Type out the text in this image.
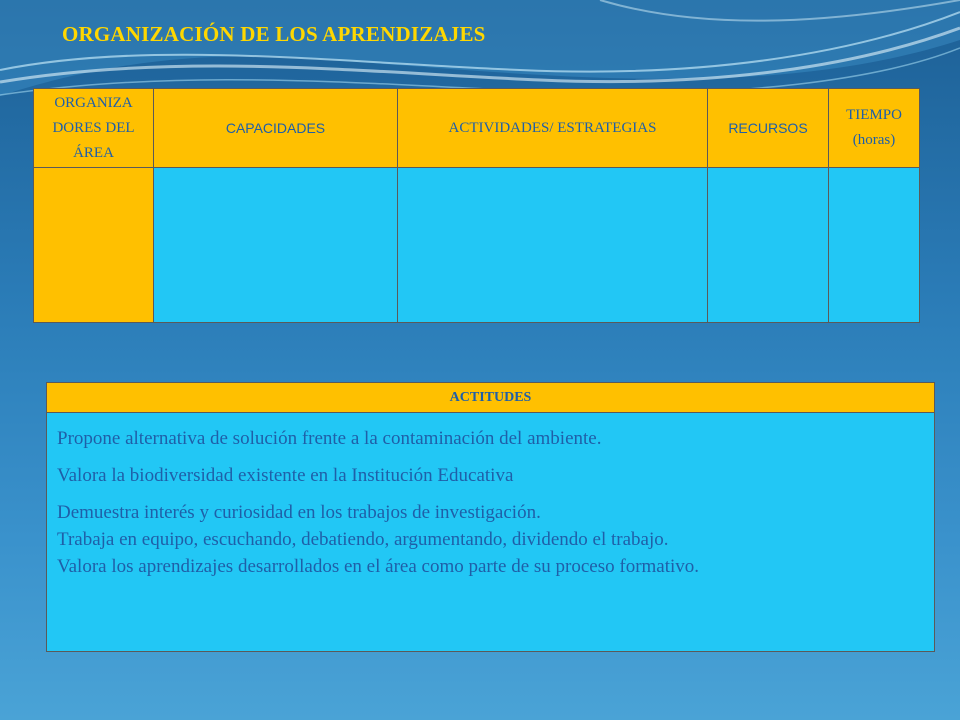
ORGANIZACIÓN DE LOS APRENDIZAJES
ORGANIZA DORES DEL ÁREA	CAPACIDADES	ACTIVIDADES/ ESTRATEGIAS	RECURSOS	TIEMPO (horas)

ACTITUDES

Propone alternativa de solución frente a la contaminación del ambiente.

Valora la biodiversidad existente en la Institución Educativa

Demuestra interés y curiosidad en los trabajos de investigación.

Trabaja en equipo, escuchando, debatiendo, argumentando, dividendo el trabajo.

Valora los aprendizajes desarrollados en el área como parte de su proceso formativo.
